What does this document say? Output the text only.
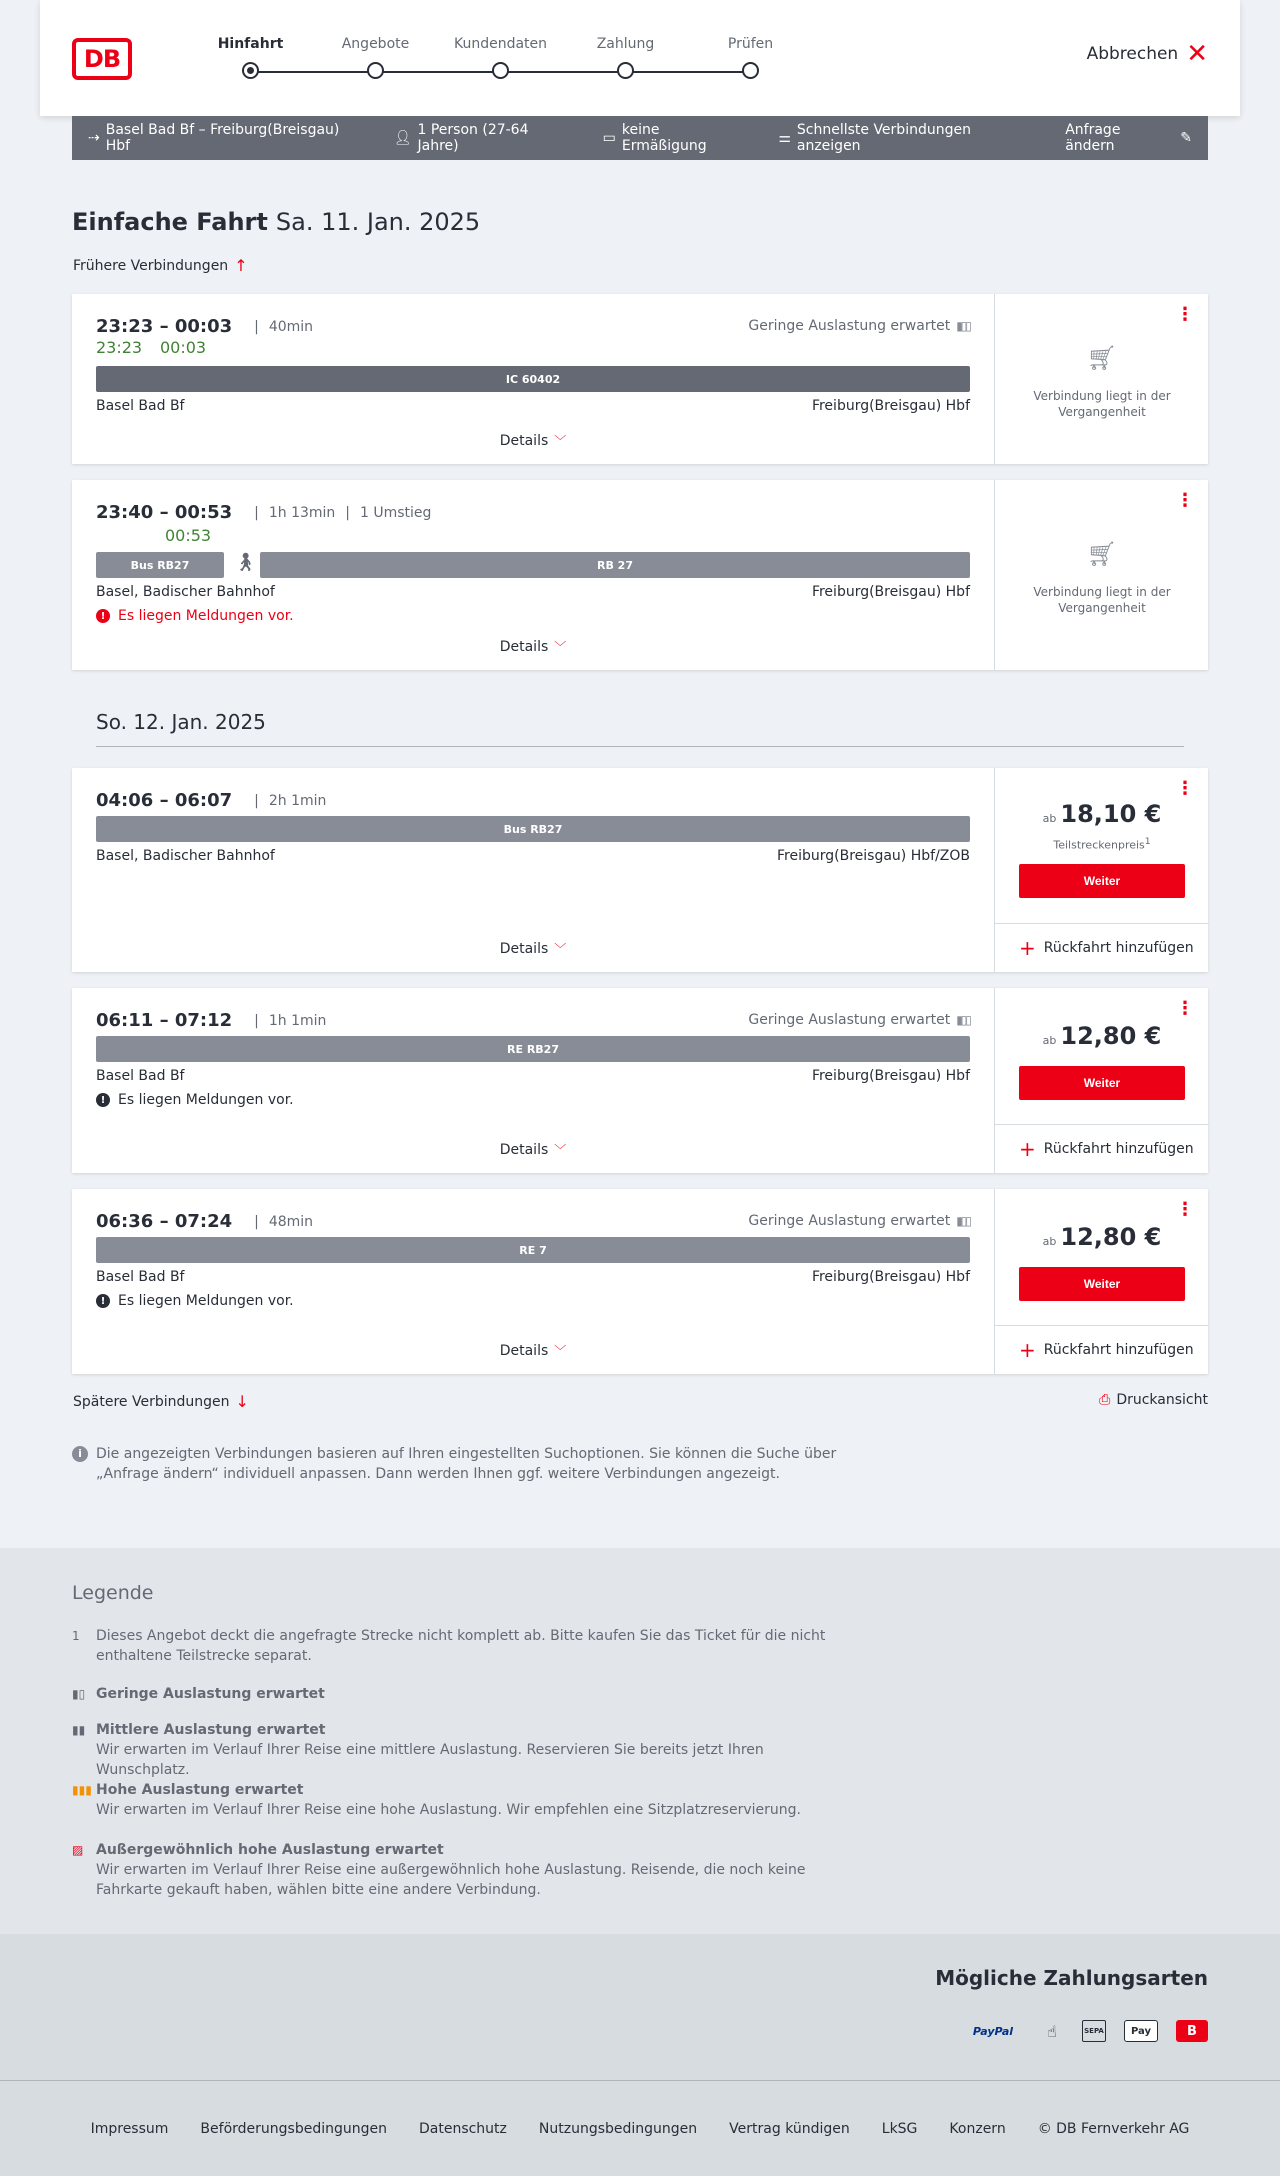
DB
Hinfahrt	Angebote	Kundendaten	Zahlung	Prüfen	Abbrechen ✕
⇢ Basel Bad Bf – Freiburg(Breisgau) Hbf	👤︎ 1 Person (27-64 Jahre)	▭ keine Ermäßigung	⚌ Schnellste Verbindungen anzeigen
Anfrage ändern	✎
Einfache Fahrt Sa. 11. Jan. 2025
Frühere Verbindungen ↑
23:23 – 00:03 | 40min
23:23 00:03
Geringe Auslastung erwartet ▮▯▯
IC 60402
Basel Bad Bf	Freiburg(Breisgau) Hbf
Details ﹀
⋮
🛒︎
Verbindung liegt in der Vergangenheit
23:40 – 00:53 | 1h 13min | 1 Umstieg
00:53
Bus RB27 🚶︎	RB 27
Basel, Badischer Bahnhof	Freiburg(Breisgau) Hbf
! Es liegen Meldungen vor.
Details ﹀
⋮
🛒︎
Verbindung liegt in der Vergangenheit
So. 12. Jan. 2025
04:06 – 06:07 | 2h 1min
Bus RB27
Basel, Badischer Bahnhof	Freiburg(Breisgau) Hbf/ZOB
Details ﹀
⋮
ab 18,10 €
Teilstreckenpreis$^1$
Weiter
+ Rückfahrt hinzufügen
06:11 – 07:12 | 1h 1min	Geringe Auslastung erwartet ▮▯▯
RE RB27
Basel Bad Bf	Freiburg(Breisgau) Hbf
! Es liegen Meldungen vor.
Details ﹀
⋮
ab 12,80 €
Weiter
+ Rückfahrt hinzufügen
06:36 – 07:24 | 48min	Geringe Auslastung erwartet ▮▯▯
RE 7
Basel Bad Bf	Freiburg(Breisgau) Hbf
! Es liegen Meldungen vor.
Details ﹀
⋮
ab 12,80 €
Weiter
+ Rückfahrt hinzufügen
Spätere Verbindungen ↓	⎙ Druckansicht
i	Die angezeigten Verbindungen basieren auf Ihren eingestellten Suchoptionen. Sie können die Suche über „Anfrage ändern“ individuell anpassen. Dann werden Ihnen ggf. weitere Verbindungen angezeigt.
Legende
1 Dieses Angebot deckt die angefragte Strecke nicht komplett ab. Bitte kaufen Sie das Ticket für die nicht enthaltene Teilstrecke separat.
▮▯ Geringe Auslastung erwartet
▮▮ Mittlere Auslastung erwartet
Wir erwarten im Verlauf Ihrer Reise eine mittlere Auslastung. Reservieren Sie bereits jetzt Ihren Wunschplatz.
▮▮▮ Hohe Auslastung erwartet
Wir erwarten im Verlauf Ihrer Reise eine hohe Auslastung. Wir empfehlen eine Sitzplatzreservierung.
▨ Außergewöhnlich hohe Auslastung erwartet
Wir erwarten im Verlauf Ihrer Reise eine außergewöhnlich hohe Auslastung. Reisende, die noch keine Fahrkarte gekauft haben, wählen bitte eine andere Verbindung.
Mögliche Zahlungsarten
PayPal	☝	SEPA	Pay	B
Impressum Beförderungsbedingungen Datenschutz Nutzungsbedingungen Vertrag kündigen LkSG Konzern © DB Fernverkehr AG
